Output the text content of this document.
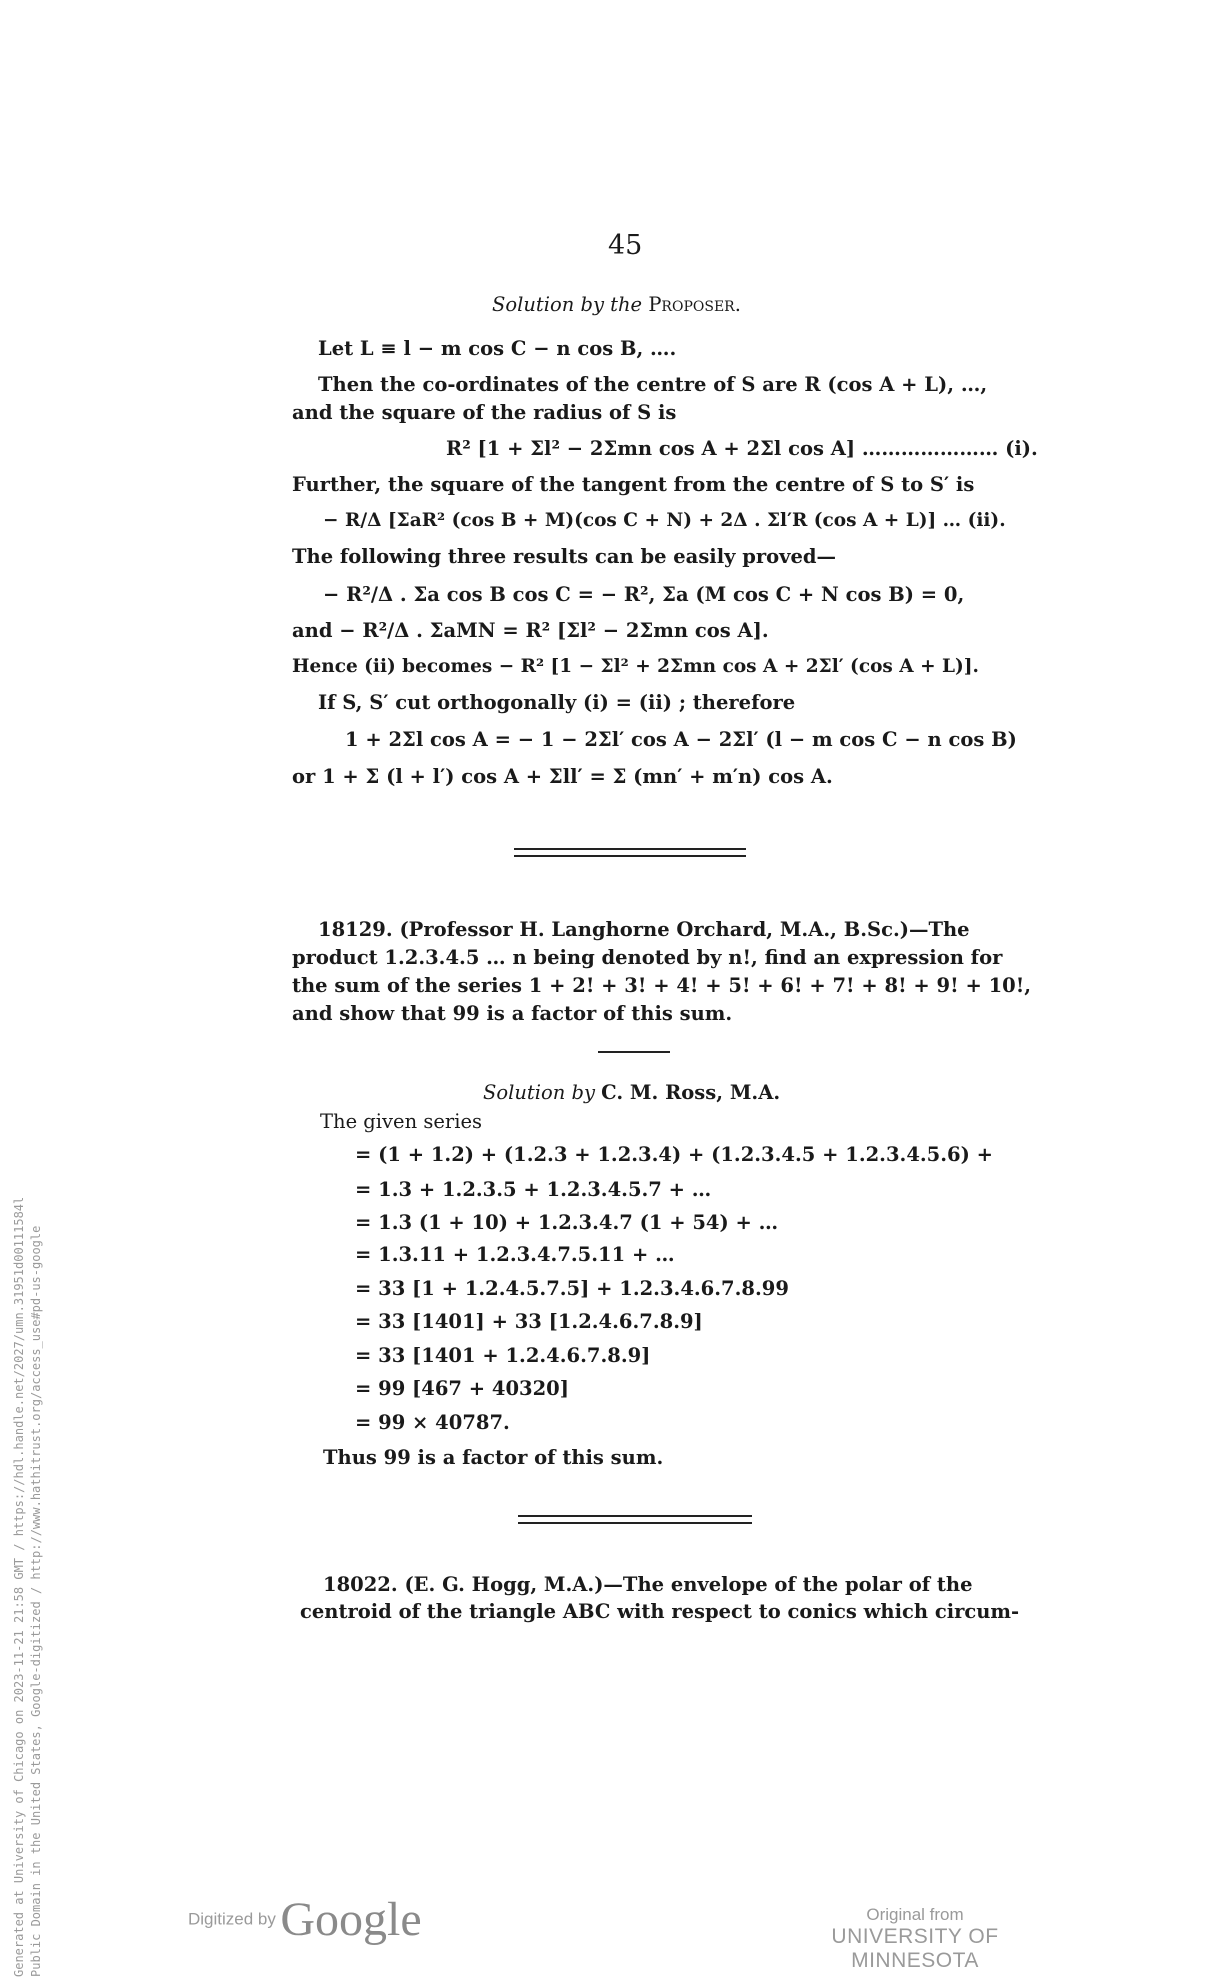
45
Solution by the Proposer.
Let L ≡ l − m cos C − n cos B, ….
Then the co-ordinates of the centre of S are R (cos A + L), …,
and the square of the radius of S is
R² [1 + Σl² − 2Σmn cos A + 2Σl cos A] ………………… (i).
Further, the square of the tangent from the centre of S to S′ is
− R/Δ [ΣaR² (cos B + M)(cos C + N) + 2Δ . Σl′R (cos A + L)] … (ii).
The following three results can be easily proved—
− R²/Δ . Σa cos B cos C = − R², Σa (M cos C + N cos B) = 0,
and − R²/Δ . ΣaMN = R² [Σl² − 2Σmn cos A].
Hence (ii) becomes − R² [1 − Σl² + 2Σmn cos A + 2Σl′ (cos A + L)].
If S, S′ cut orthogonally (i) = (ii) ; therefore
1 + 2Σl cos A = − 1 − 2Σl′ cos A − 2Σl′ (l − m cos C − n cos B)
or 1 + Σ (l + l′) cos A + Σll′ = Σ (mn′ + m′n) cos A.
18129. (Professor H. Langhorne Orchard, M.A., B.Sc.)—The
product 1.2.3.4.5 … n being denoted by n!, find an expression for
the sum of the series 1 + 2! + 3! + 4! + 5! + 6! + 7! + 8! + 9! + 10!,
and show that 99 is a factor of this sum.
Solution by C. M. Ross, M.A.
The given series
= (1 + 1.2) + (1.2.3 + 1.2.3.4) + (1.2.3.4.5 + 1.2.3.4.5.6) +
= 1.3 + 1.2.3.5 + 1.2.3.4.5.7 + …
= 1.3 (1 + 10) + 1.2.3.4.7 (1 + 54) + …
= 1.3.11 + 1.2.3.4.7.5.11 + …
= 33 [1 + 1.2.4.5.7.5] + 1.2.3.4.6.7.8.99
= 33 [1401] + 33 [1.2.4.6.7.8.9]
= 33 [1401 + 1.2.4.6.7.8.9]
= 99 [467 + 40320]
= 99 × 40787.
Thus 99 is a factor of this sum.
18022. (E. G. Hogg, M.A.)—The envelope of the polar of the
centroid of the triangle ABC with respect to conics which circum-
Generated at University of Chicago on 2023-11-21 21:58 GMT / https://hdl.handle.net/2027/umn.31951d00111584l Public Domain in the United States, Google-digitized / http://www.hathitrust.org/access_use#pd-us-google	Digitized by Google	Original from
UNIVERSITY OF MINNESOTA
